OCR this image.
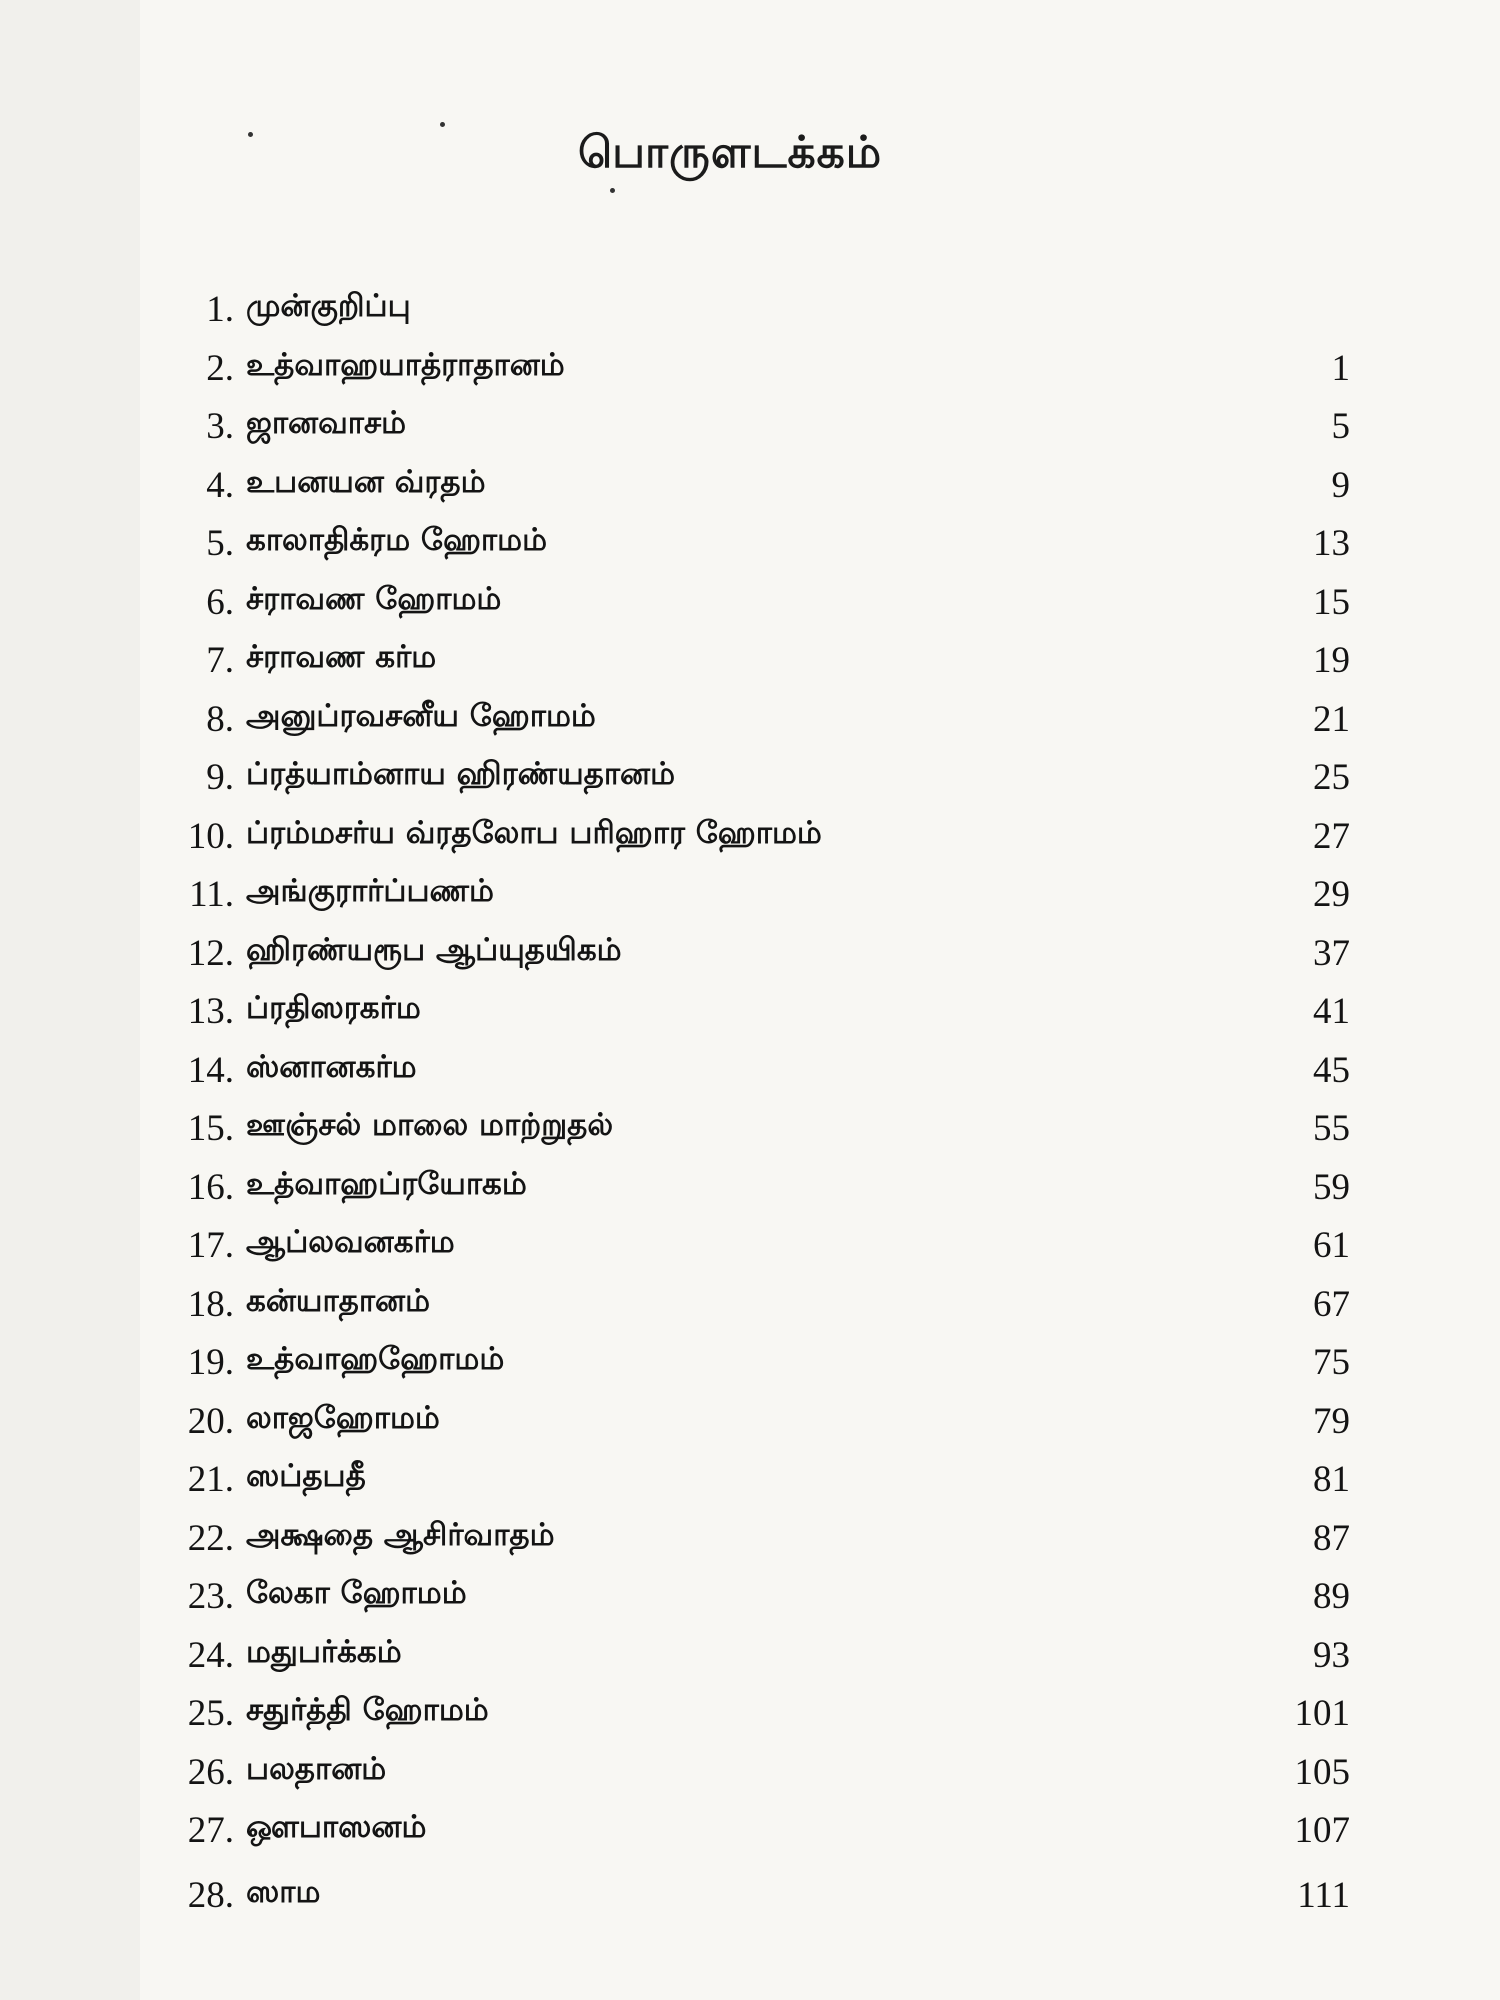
பொருளடக்கம்
1. முன்குறிப்பு
2. உத்வாஹயாத்ராதானம்	1
3. ஜானவாசம்	5
4. உபனயன வ்ரதம்	9
5. காலாதிக்ரம ஹோமம்	13
6. ச்ராவண ஹோமம்	15
7. ச்ராவண கர்ம	19
8. அனுப்ரவசனீய ஹோமம்	21
9. ப்ரத்யாம்னாய ஹிரண்யதானம்	25
10. ப்ரம்மசர்ய வ்ரதலோப பரிஹார ஹோமம்	27
11. அங்குரார்ப்பணம்	29
12. ஹிரண்யரூப ஆப்யுதயிகம்	37
13. ப்ரதிஸரகர்ம	41
14. ஸ்னானகர்ம	45
15. ஊஞ்சல் மாலை மாற்றுதல்	55
16. உத்வாஹப்ரயோகம்	59
17. ஆப்லவனகர்ம	61
18. கன்யாதானம்	67
19. உத்வாஹஹோமம்	75
20. லாஜஹோமம்	79
21. ஸப்தபதீ	81
22. அக்ஷதை ஆசிர்வாதம்	87
23. லேகா ஹோமம்	89
24. மதுபர்க்கம்	93
25. சதுர்த்தி ஹோமம்	101
26. பலதானம்	105
27. ஔபாஸனம்	107
28. ஸாம	111
